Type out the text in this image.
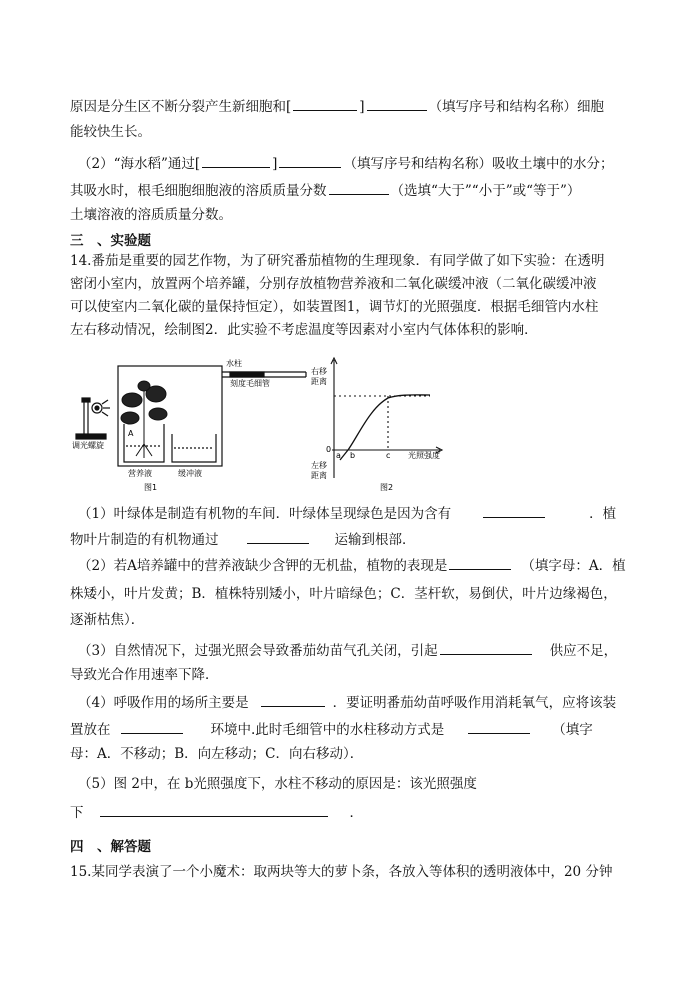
原因是分生区不断分裂产生新细胞和[	]	（填写序号和结构名称）细胞
能较快生长。
（2）“海水稻”通过[	]	（填写序号和结构名称）吸收土壤中的水分；
其吸水时，根毛细胞细胞液的溶质质量分数	（选填“大于”“小于”或“等于”）
土壤溶液的溶质质量分数。
三　、实验题
14.番茄是重要的园艺作物，为了研究番茄植物的生理现象．有同学做了如下实验：在透明
密闭小室内，放置两个培养罐，分别存放植物营养液和二氧化碳缓冲液（二氧化碳缓冲液
可以使室内二氧化碳的量保持恒定），如装置图1，调节灯的光照强度．根据毛细管内水柱
左右移动情况，绘制图2．此实验不考虑温度等因素对小室内气体体积的影响．
调光螺旋
A
水柱
刻度毛细管
营养液	缓冲液
图1
右移
距离
0
a b	c 光照强度
左移
距离
图2
（1）叶绿体是制造有机物的车间．叶绿体呈现绿色是因为含有	．植
物叶片制造的有机物通过	运输到根部．
（2）若A培养罐中的营养液缺少含钾的无机盐，植物的表现是	（填字母：A．植
株矮小，叶片发黄；B．植株特别矮小，叶片暗绿色；C．茎杆软，易倒伏，叶片边缘褐色，
逐渐枯焦）．
（3）自然情况下，过强光照会导致番茄幼苗气孔关闭，引起	供应不足，
导致光合作用速率下降．
（4）呼吸作用的场所主要是	．要证明番茄幼苗呼吸作用消耗氧气，应将该装
置放在	环境中.此时毛细管中的水柱移动方式是	（填字
母：A．不移动；B．向左移动；C．向右移动）．
（5）图 2中，在 b光照强度下，水柱不移动的原因是：该光照强度
下	．
四　、解答题
15.某同学表演了一个小魔术：取两块等大的萝卜条，各放入等体积的透明液体中，20 分钟
